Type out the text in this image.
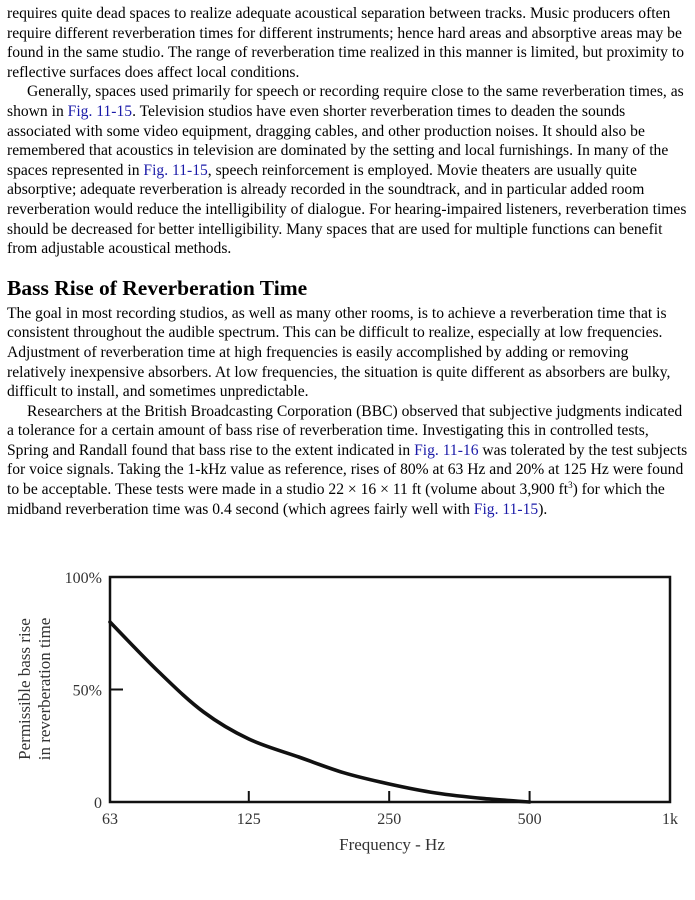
requires quite dead spaces to realize adequate acoustical separation between tracks. Music producers often require different reverberation times for different instruments; hence hard areas and absorptive areas may be found in the same studio. The range of reverberation time realized in this manner is limited, but proximity to reflective surfaces does affect local conditions.

Generally, spaces used primarily for speech or recording require close to the same reverberation times, as shown in Fig. 11-15. Television studios have even shorter reverberation times to deaden the sounds associated with some video equipment, dragging cables, and other production noises. It should also be remembered that acoustics in television are dominated by the setting and local furnishings. In many of the spaces represented in Fig. 11-15, speech reinforcement is employed. Movie theaters are usually quite absorptive; adequate reverberation is already recorded in the soundtrack, and in particular added room reverberation would reduce the intelligibility of dialogue. For hearing-impaired listeners, reverberation times should be decreased for better intelligibility. Many spaces that are used for multiple functions can benefit from adjustable acoustical methods.

Bass Rise of Reverberation Time

The goal in most recording studios, as well as many other rooms, is to achieve a reverberation time that is consistent throughout the audible spectrum. This can be difficult to realize, especially at low frequencies. Adjustment of reverberation time at high frequencies is easily accomplished by adding or removing relatively inexpensive absorbers. At low frequencies, the situation is quite different as absorbers are bulky, difficult to install, and sometimes unpredictable.

Researchers at the British Broadcasting Corporation (BBC) observed that subjective judgments indicated a tolerance for a certain amount of bass rise of reverberation time. Investigating this in controlled tests, Spring and Randall found that bass rise to the extent indicated in Fig. 11-16 was tolerated by the test subjects for voice signals. Taking the 1-kHz value as reference, rises of 80% at 63 Hz and 20% at 125 Hz were found to be acceptable. These tests were made in a studio 22 × 16 × 11 ft (volume about 3,900 $ft^3$) for which the midband reverberation time was 0.4 second (which agrees fairly well with Fig. 11-15).

63	125	250	500	1k
100%
50%
0
Frequency - Hz
Permissible bass rise in reverberation time
